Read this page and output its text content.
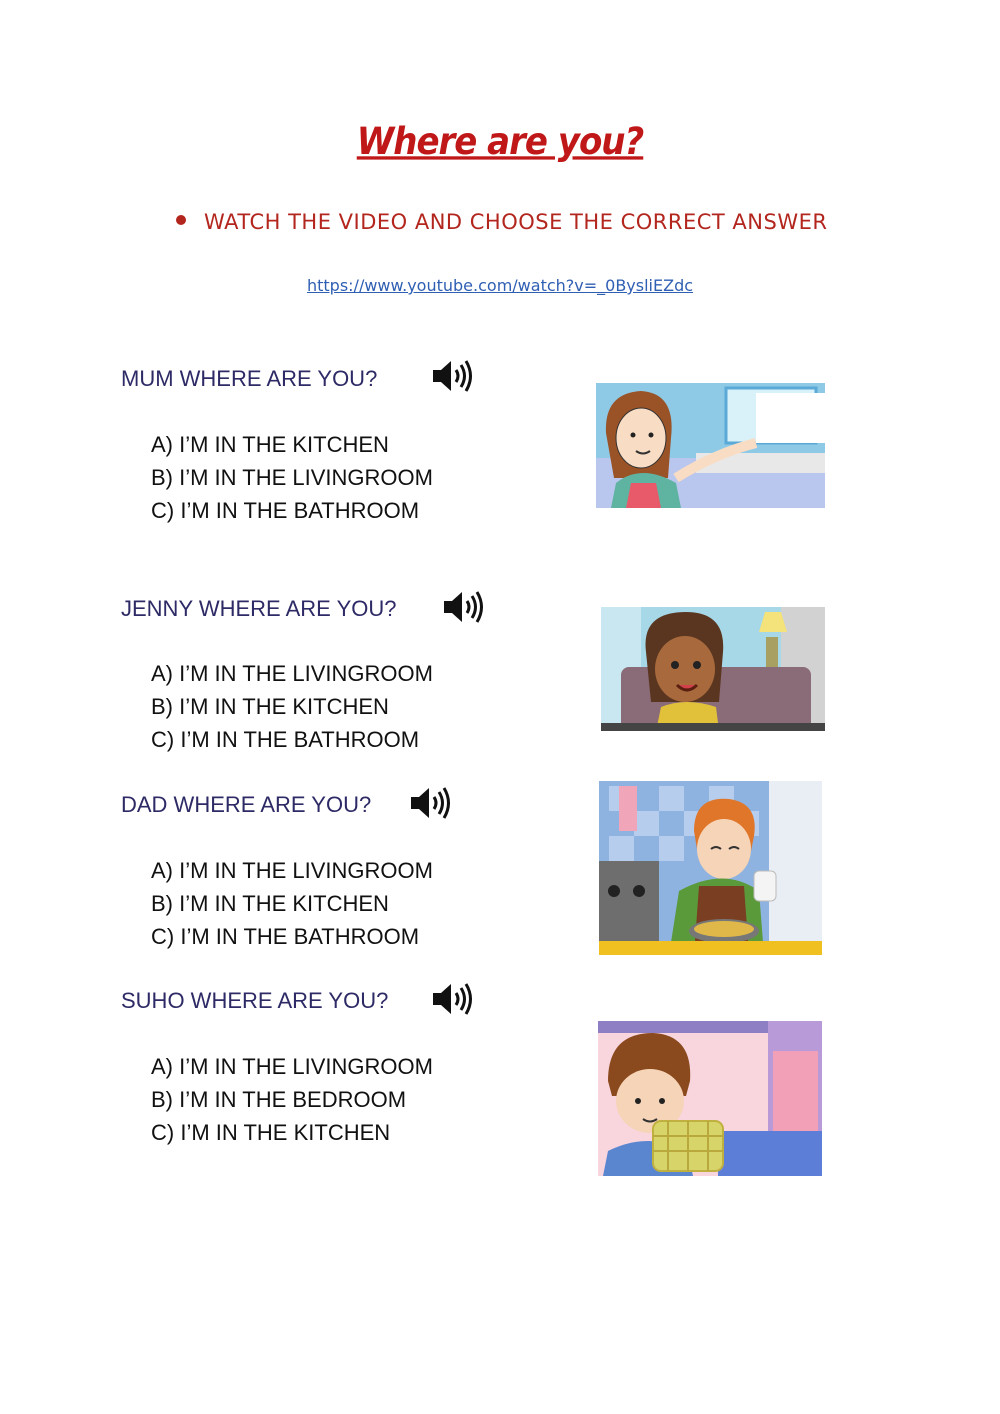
Where are you?
WATCH THE VIDEO AND CHOOSE THE CORRECT ANSWER
https://www.youtube.com/watch?v=_0BysliEZdc
MUM WHERE ARE YOU?
A) I’M IN THE KITCHEN
B) I’M IN THE LIVINGROOM
C) I’M IN THE BATHROOM
JENNY WHERE ARE YOU?
A) I’M IN THE LIVINGROOM
B) I’M IN THE KITCHEN
C) I’M IN THE BATHROOM
DAD WHERE ARE YOU?
A) I’M IN THE LIVINGROOM
B) I’M IN THE KITCHEN
C) I’M IN THE BATHROOM
SUHO WHERE ARE YOU?
A) I’M IN THE LIVINGROOM
B) I’M IN THE BEDROOM
C) I’M IN THE KITCHEN
